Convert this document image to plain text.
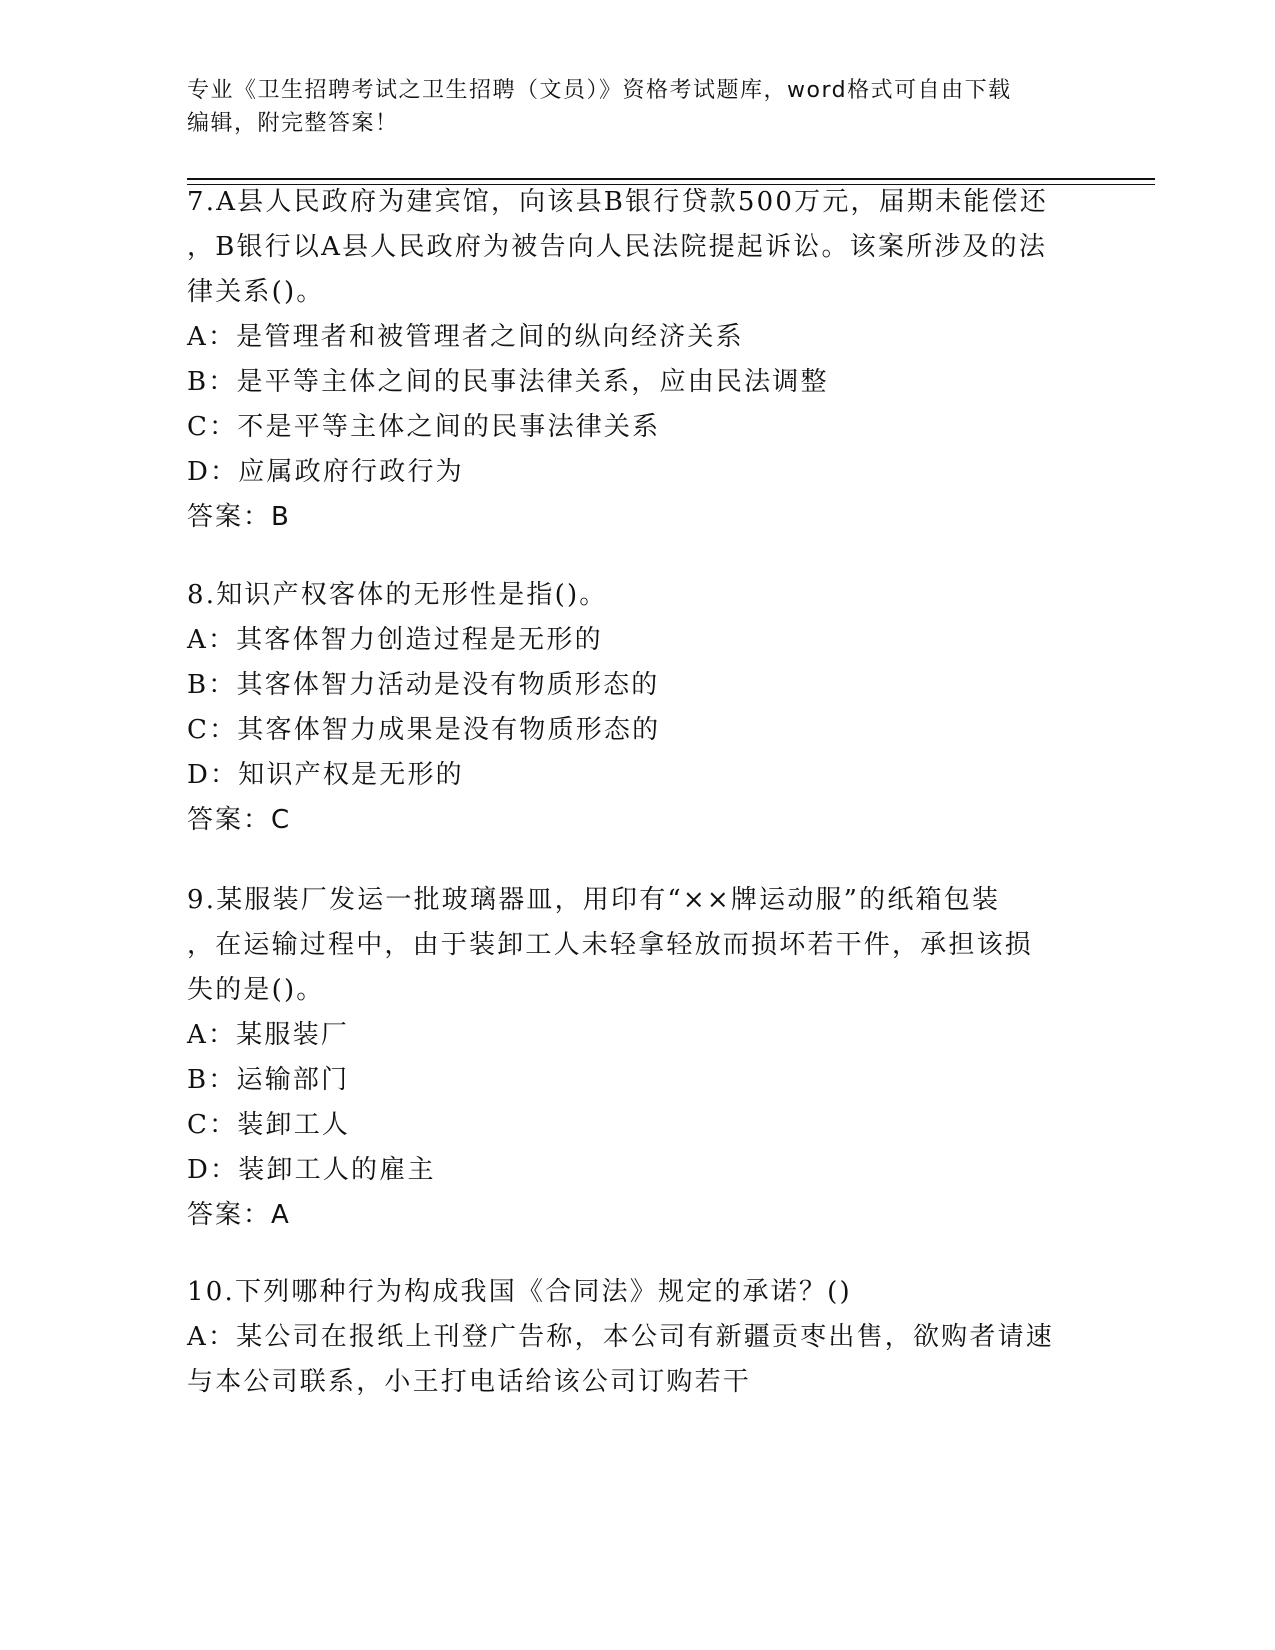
专业《卫生招聘考试之卫生招聘（文员）》资格考试题库，word格式可自由下载
编辑，附完整答案！
7.A县人民政府为建宾馆，向该县B银行贷款500万元，届期未能偿还
，B银行以A县人民政府为被告向人民法院提起诉讼。该案所涉及的法
律关系()。
A：是管理者和被管理者之间的纵向经济关系
B：是平等主体之间的民事法律关系，应由民法调整
C：不是平等主体之间的民事法律关系
D：应属政府行政行为
答案：B
8.知识产权客体的无形性是指()。
A：其客体智力创造过程是无形的
B：其客体智力活动是没有物质形态的
C：其客体智力成果是没有物质形态的
D：知识产权是无形的
答案：C
9.某服装厂发运一批玻璃器皿，用印有“××牌运动服”的纸箱包装
，在运输过程中，由于装卸工人未轻拿轻放而损坏若干件，承担该损
失的是()。
A：某服装厂
B：运输部门
C：装卸工人
D：装卸工人的雇主
答案：A
10.下列哪种行为构成我国《合同法》规定的承诺？()
A：某公司在报纸上刊登广告称，本公司有新疆贡枣出售，欲购者请速
与本公司联系，小王打电话给该公司订购若干
